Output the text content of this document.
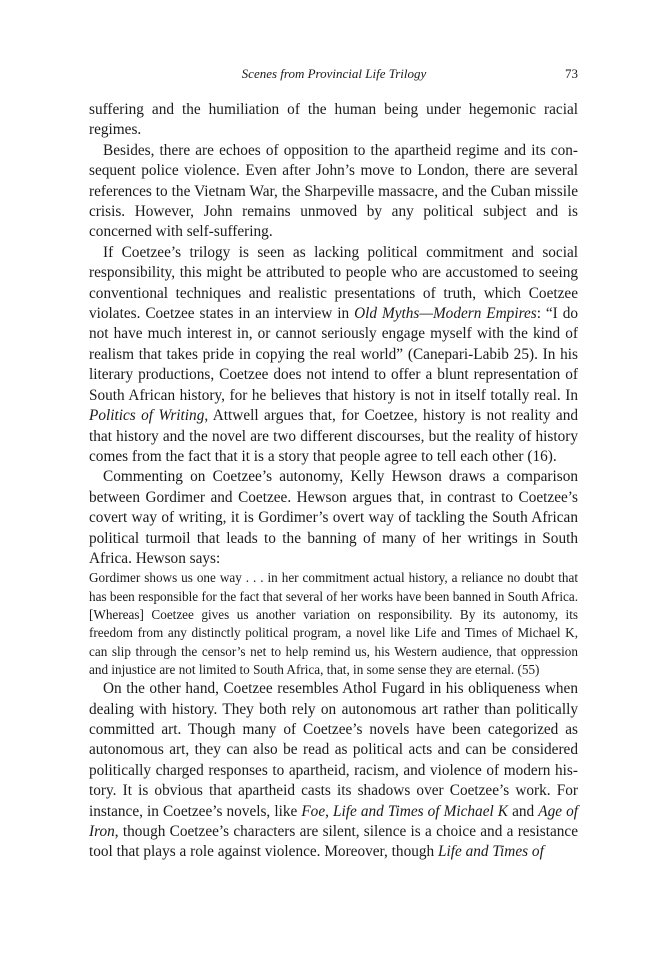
Scenes from Provincial Life Trilogy	73

suffering and the humiliation of the human being under hegemonic racial regimes.

Besides, there are echoes of opposition to the apartheid regime and its consequent police violence. Even after John’s move to London, there are several references to the Vietnam War, the Sharpeville massacre, and the Cuban missile crisis. However, John remains unmoved by any political subject and is concerned with self-suffering.

If Coetzee’s trilogy is seen as lacking political commitment and social responsibility, this might be attributed to people who are accustomed to seeing conventional techniques and realistic presentations of truth, which Coetzee violates. Coetzee states in an interview in Old Myths—Modern Empires: “I do not have much interest in, or cannot seriously engage myself with the kind of realism that takes pride in copying the real world” (Canepari-Labib 25). In his literary productions, Coetzee does not intend to offer a blunt representation of South African history, for he believes that history is not in itself totally real. In Politics of Writing, Attwell argues that, for Coetzee, history is not reality and that history and the novel are two different discourses, but the reality of history comes from the fact that it is a story that people agree to tell each other (16).

Commenting on Coetzee’s autonomy, Kelly Hewson draws a comparison between Gordimer and Coetzee. Hewson argues that, in contrast to Coetzee’s covert way of writing, it is Gordimer’s overt way of tackling the South African political turmoil that leads to the banning of many of her writings in South Africa. Hewson says:

Gordimer shows us one way . . . in her commitment actual history, a reliance no doubt that has been responsible for the fact that several of her works have been banned in South Africa. [Whereas] Coetzee gives us another variation on responsibility. By its autonomy, its freedom from any distinctly political program, a novel like Life and Times of Michael K, can slip through the censor’s net to help remind us, his Western audience, that oppression and injustice are not limited to South Africa, that, in some sense they are eternal. (55)

On the other hand, Coetzee resembles Athol Fugard in his obliqueness when dealing with history. They both rely on autonomous art rather than politically committed art. Though many of Coetzee’s novels have been categorized as autonomous art, they can also be read as political acts and can be considered politically charged responses to apartheid, racism, and violence of modern history. It is obvious that apartheid casts its shadows over Coetzee’s work. For instance, in Coetzee’s novels, like Foe, Life and Times of Michael K and Age of Iron, though Coetzee’s characters are silent, silence is a choice and a resistance tool that plays a role against violence. Moreover, though Life and Times of
